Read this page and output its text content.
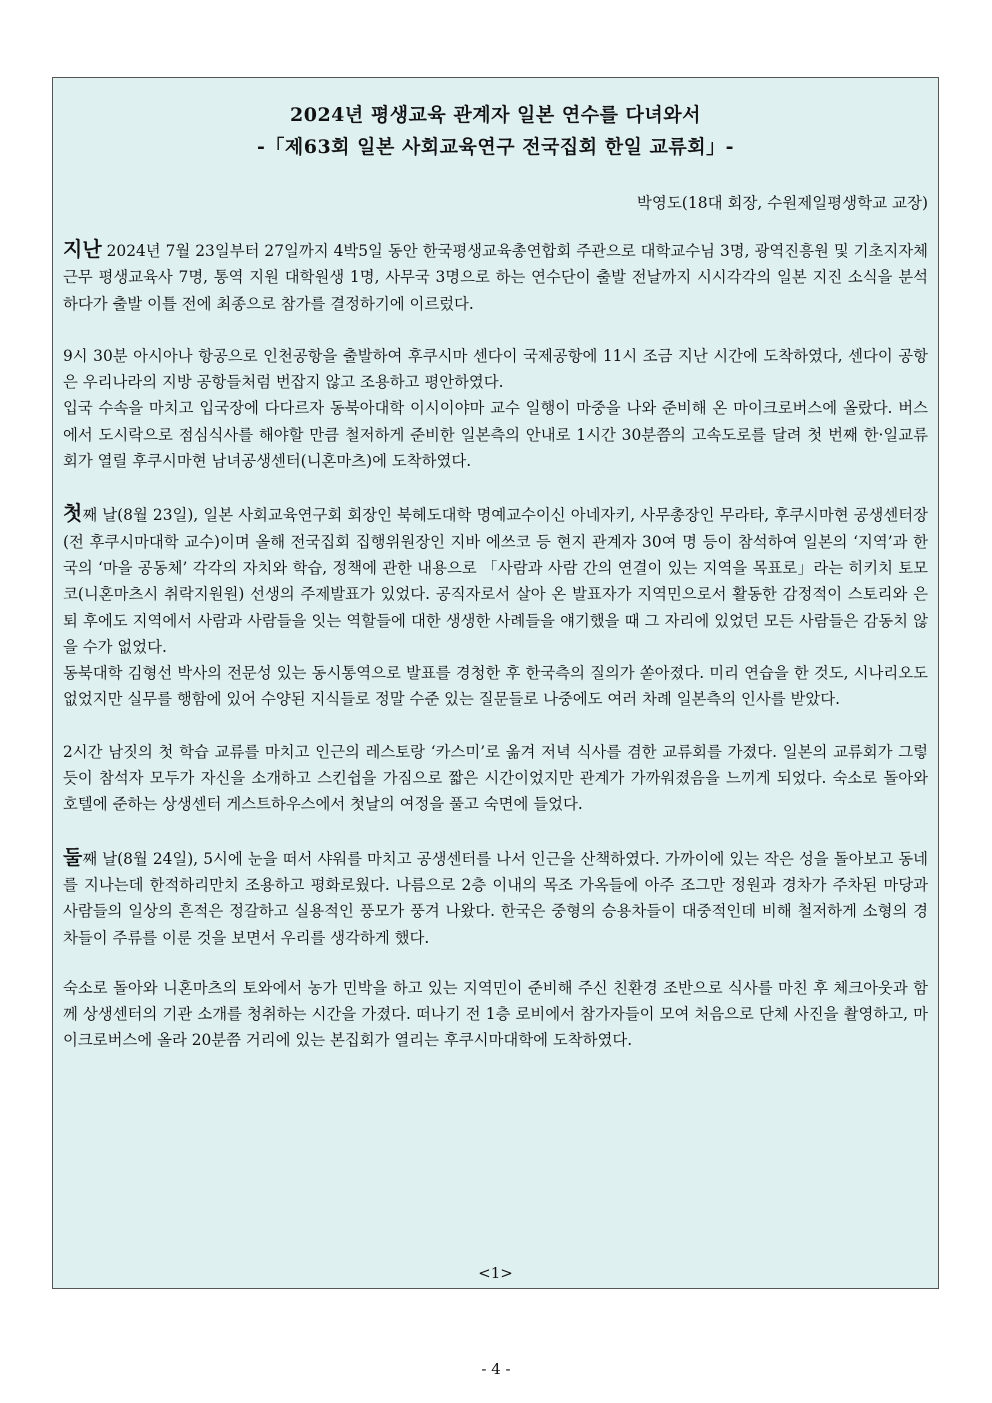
2024년 평생교육 관계자 일본 연수를 다녀와서
-「제63회 일본 사회교육연구 전국집회 한일 교류회」-
박영도(18대 회장, 수원제일평생학교 교장)

지난 2024년 7월 23일부터 27일까지 4박5일 동안 한국평생교육총연합회 주관으로 대학교수님 3명, 광역진흥원 및 기초지자체 근무 평생교육사 7명, 통역 지원 대학원생 1명, 사무국 3명으로 하는 연수단이 출발 전날까지 시시각각의 일본 지진 소식을 분석하다가 출발 이틀 전에 최종으로 참가를 결정하기에 이르렀다.

9시 30분 아시아나 항공으로 인천공항을 출발하여 후쿠시마 센다이 국제공항에 11시 조금 지난 시간에 도착하였다, 센다이 공항은 우리나라의 지방 공항들처럼 번잡지 않고 조용하고 평안하였다.

입국 수속을 마치고 입국장에 다다르자 동북아대학 이시이야마 교수 일행이 마중을 나와 준비해 온 마이크로버스에 올랐다. 버스에서 도시락으로 점심식사를 해야할 만큼 철저하게 준비한 일본측의 안내로 1시간 30분쯤의 고속도로를 달려 첫 번째 한·일교류회가 열릴 후쿠시마현 남녀공생센터(니혼마츠)에 도착하였다.

첫째 날(8월 23일), 일본 사회교육연구회 회장인 북헤도대학 명예교수이신 아네자키, 사무총장인 무라타, 후쿠시마현 공생센터장(전 후쿠시마대학 교수)이며 올해 전국집회 집행위원장인 지바 에쓰코 등 현지 관계자 30여 명 등이 참석하여 일본의 ‘지역’과 한국의 ‘마을 공동체’ 각각의 자치와 학습, 정책에 관한 내용으로 「사람과 사람 간의 연결이 있는 지역을 목표로」라는 히키치 토모코(니혼마츠시 취락지원원) 선생의 주제발표가 있었다. 공직자로서 살아 온 발표자가 지역민으로서 활동한 감정적이 스토리와 은퇴 후에도 지역에서 사람과 사람들을 잇는 역할들에 대한 생생한 사례들을 얘기했을 때 그 자리에 있었던 모든 사람들은 감동치 않을 수가 없었다.

동북대학 김형선 박사의 전문성 있는 동시통역으로 발표를 경청한 후 한국측의 질의가 쏟아졌다. 미리 연습을 한 것도, 시나리오도 없었지만 실무를 행함에 있어 수양된 지식들로 정말 수준 있는 질문들로 나중에도 여러 차례 일본측의 인사를 받았다.

2시간 남짓의 첫 학습 교류를 마치고 인근의 레스토랑 ‘카스미’로 옮겨 저녁 식사를 겸한 교류회를 가졌다. 일본의 교류회가 그렇듯이 참석자 모두가 자신을 소개하고 스킨쉽을 가짐으로 짧은 시간이었지만 관계가 가까워졌음을 느끼게 되었다. 숙소로 돌아와 호텔에 준하는 상생센터 게스트하우스에서 첫날의 여정을 풀고 숙면에 들었다.

둘째 날(8월 24일), 5시에 눈을 떠서 샤워를 마치고 공생센터를 나서 인근을 산책하였다. 가까이에 있는 작은 성을 돌아보고 동네를 지나는데 한적하리만치 조용하고 평화로웠다. 나름으로 2층 이내의 목조 가옥들에 아주 조그만 정원과 경차가 주차된 마당과 사람들의 일상의 흔적은 정갈하고 실용적인 풍모가 풍겨 나왔다. 한국은 중형의 승용차들이 대중적인데 비해 철저하게 소형의 경차들이 주류를 이룬 것을 보면서 우리를 생각하게 했다.

숙소로 돌아와 니혼마츠의 토와에서 농가 민박을 하고 있는 지역민이 준비해 주신 친환경 조반으로 식사를 마친 후 체크아웃과 함께 상생센터의 기관 소개를 청취하는 시간을 가졌다. 떠나기 전 1층 로비에서 참가자들이 모여 처음으로 단체 사진을 촬영하고, 마이크로버스에 올라 20분쯤 거리에 있는 본집회가 열리는 후쿠시마대학에 도착하였다.

<1>
- 4 -
